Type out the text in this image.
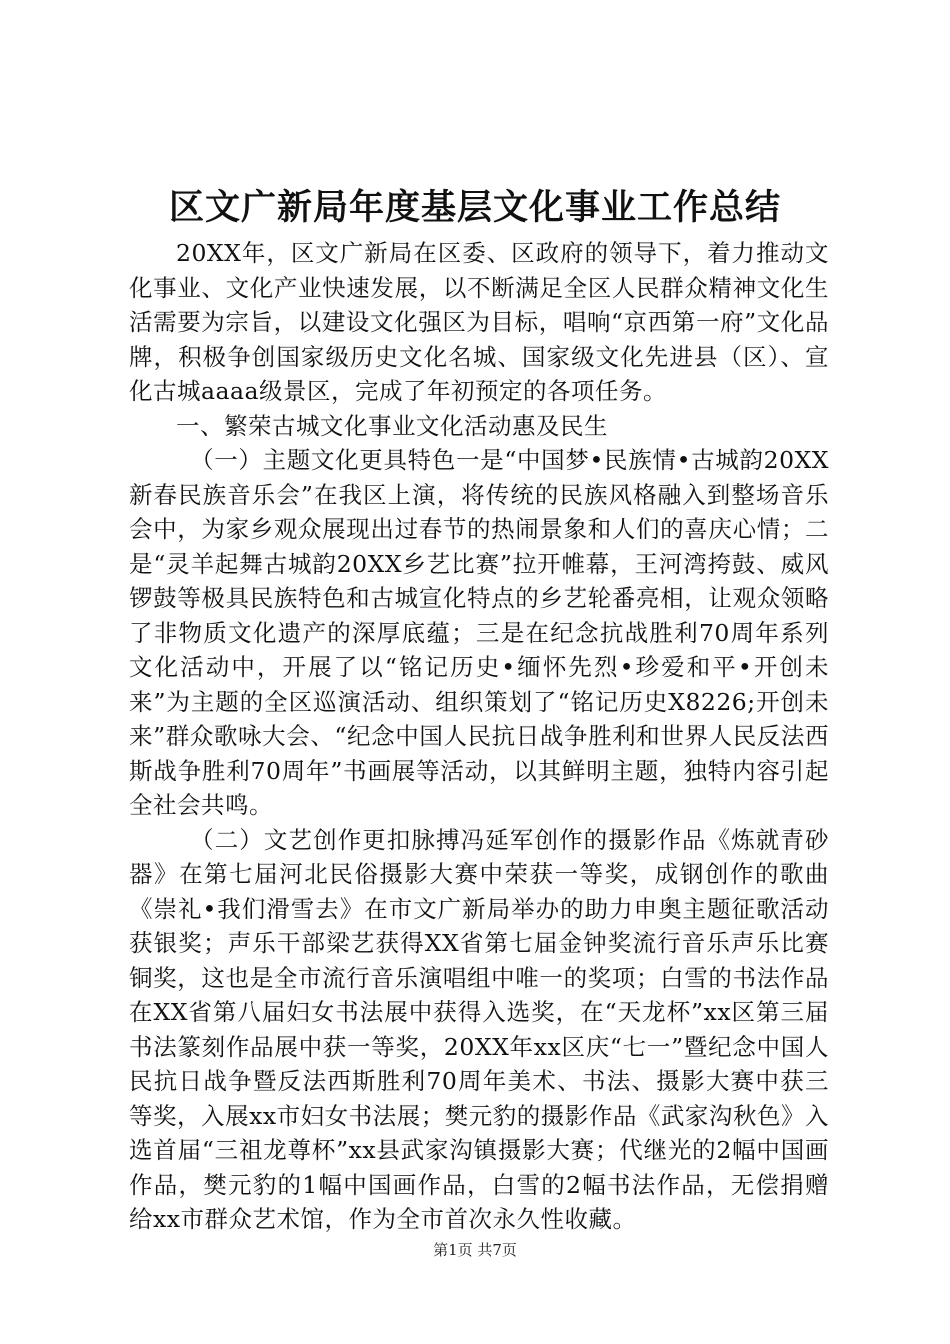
区文广新局年度基层文化事业工作总结

20XX年，区文广新局在区委、区政府的领导下，着力推动文化事业、文化产业快速发展，以不断满足全区人民群众精神文化生活需要为宗旨，以建设文化强区为目标，唱响“京西第一府”文化品牌，积极争创国家级历史文化名城、国家级文化先进县（区）、宣化古城aaaa级景区，完成了年初预定的各项任务。

一、繁荣古城文化事业文化活动惠及民生

（一）主题文化更具特色一是“中国梦•民族情•古城韵20XX新春民族音乐会”在我区上演，将传统的民族风格融入到整场音乐会中，为家乡观众展现出过春节的热闹景象和人们的喜庆心情；二是“灵羊起舞古城韵20XX乡艺比赛”拉开帷幕，王河湾挎鼓、威风锣鼓等极具民族特色和古城宣化特点的乡艺轮番亮相，让观众领略了非物质文化遗产的深厚底蕴；三是在纪念抗战胜利70周年系列文化活动中，开展了以“铭记历史•缅怀先烈•珍爱和平•开创未来”为主题的全区巡演活动、组织策划了“铭记历史X8226;开创未来”群众歌咏大会、“纪念中国人民抗日战争胜利和世界人民反法西斯战争胜利70周年”书画展等活动，以其鲜明主题，独特内容引起全社会共鸣。

（二）文艺创作更扣脉搏冯延军创作的摄影作品《炼就青砂器》在第七届河北民俗摄影大赛中荣获一等奖，成钢创作的歌曲《崇礼•我们滑雪去》在市文广新局举办的助力申奥主题征歌活动获银奖；声乐干部梁艺获得XX省第七届金钟奖流行音乐声乐比赛铜奖，这也是全市流行音乐演唱组中唯一的奖项；白雪的书法作品在XX省第八届妇女书法展中获得入选奖，在“天龙杯”xx区第三届书法篆刻作品展中获一等奖，20XX年xx区庆“七一”暨纪念中国人民抗日战争暨反法西斯胜利70周年美术、书法、摄影大赛中获三等奖，入展xx市妇女书法展；樊元豹的摄影作品《武家沟秋色》入选首届“三祖龙尊杯”xx县武家沟镇摄影大赛；代继光的2幅中国画作品，樊元豹的1幅中国画作品，白雪的2幅书法作品，无偿捐赠给xx市群众艺术馆，作为全市首次永久性收藏。

第1页 共7页
